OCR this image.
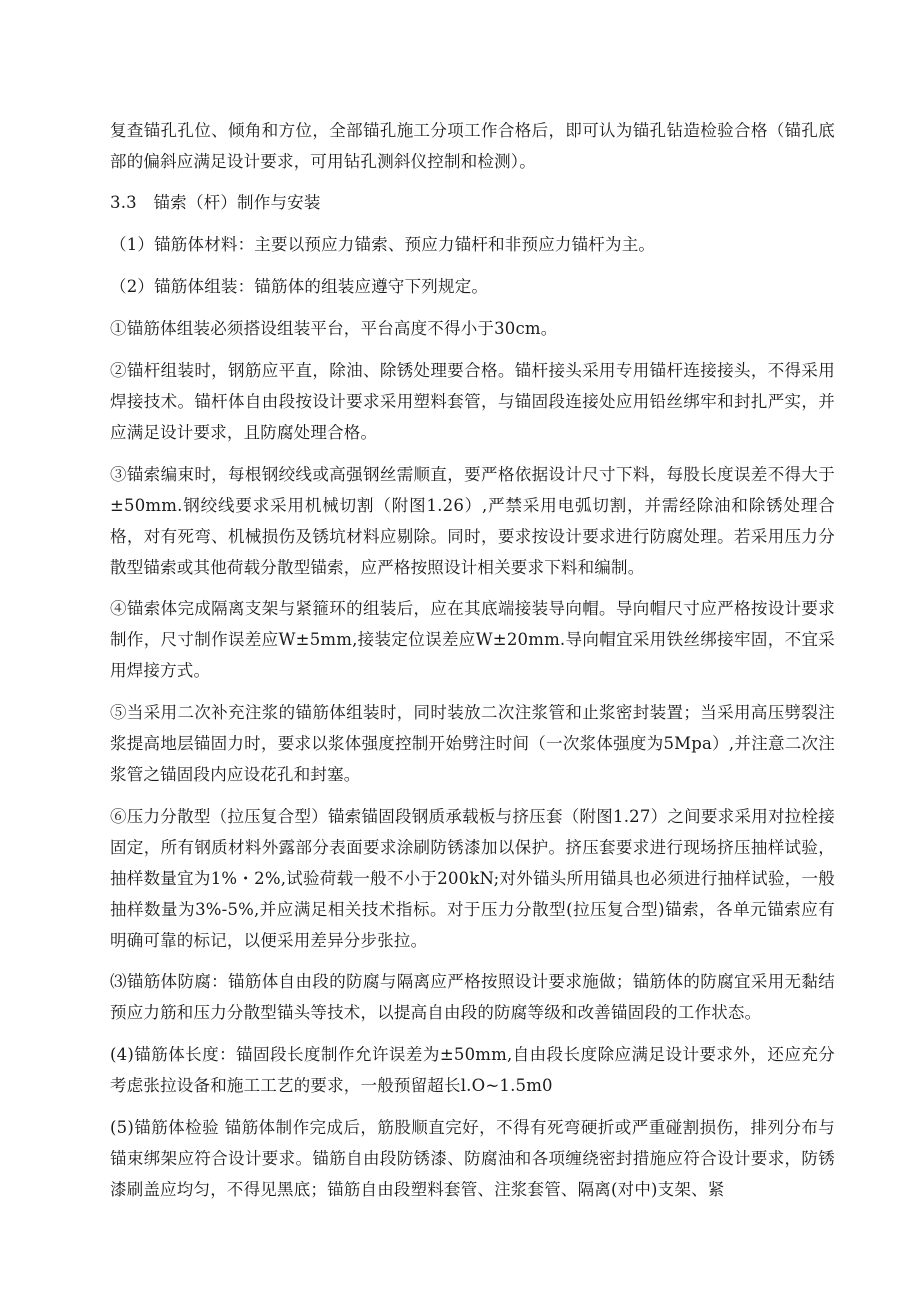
复查锚孔孔位、倾角和方位，全部锚孔施工分项工作合格后，即可认为锚孔钻造检验合格（锚孔底部的偏斜应满足设计要求，可用钻孔测斜仪控制和检测）。

3.3　锚索（杆）制作与安装

（1）锚筋体材料：主要以预应力锚索、预应力锚杆和非预应力锚杆为主。

（2）锚筋体组装：锚筋体的组装应遵守下列规定。

①锚筋体组装必须搭设组装平台，平台高度不得小于30cm。

②锚杆组装时，钢筋应平直，除油、除锈处理要合格。锚杆接头采用专用锚杆连接接头，不得采用焊接技术。锚杆体自由段按设计要求采用塑料套管，与锚固段连接处应用铅丝绑牢和封扎严实，并应满足设计要求，且防腐处理合格。

③锚索编束时，每根钢绞线或高强钢丝需顺直，要严格依据设计尺寸下料，每股长度误差不得大于±50mm.钢绞线要求采用机械切割（附图1.26）,严禁采用电弧切割，并需经除油和除锈处理合格，对有死弯、机械损伤及锈坑材料应剔除。同时，要求按设计要求进行防腐处理。若采用压力分散型锚索或其他荷载分散型锚索，应严格按照设计相关要求下料和编制。

④锚索体完成隔离支架与紧箍环的组装后，应在其底端接装导向帽。导向帽尺寸应严格按设计要求制作，尺寸制作误差应W±5mm,接装定位误差应W±20mm.导向帽宜采用铁丝绑接牢固，不宜采用焊接方式。

⑤当采用二次补充注浆的锚筋体组装时，同时装放二次注浆管和止浆密封装置；当采用高压劈裂注浆提高地层锚固力时，要求以浆体强度控制开始劈注时间（一次浆体强度为5Mpa）,并注意二次注浆管之锚固段内应设花孔和封塞。

⑥压力分散型（拉压复合型）锚索锚固段钢质承载板与挤压套（附图1.27）之间要求采用对拉栓接固定，所有钢质材料外露部分表面要求涂刷防锈漆加以保护。挤压套要求进行现场挤压抽样试验，抽样数量宜为1%・2%,试验荷载一般不小于200kN;对外锚头所用锚具也必须进行抽样试验，一般抽样数量为3%-5%,并应满足相关技术指标。对于压力分散型(拉压复合型)锚索，各单元锚索应有明确可靠的标记，以便采用差异分步张拉。

⑶锚筋体防腐：锚筋体自由段的防腐与隔离应严格按照设计要求施做；锚筋体的防腐宜采用无黏结预应力筋和压力分散型锚头等技术，以提高自由段的防腐等级和改善锚固段的工作状态。

(4)锚筋体长度：锚固段长度制作允许误差为±50mm,自由段长度除应满足设计要求外，还应充分考虑张拉设备和施工工艺的要求，一般预留超长l.O~1.5m0

(5)锚筋体检验 锚筋体制作完成后，筋股顺直完好，不得有死弯硬折或严重碰割损伤，排列分布与锚束绑架应符合设计要求。锚筋自由段防锈漆、防腐油和各项缠绕密封措施应符合设计要求，防锈漆刷盖应均匀，不得见黑底；锚筋自由段塑料套管、注浆套管、隔离(对中)支架、紧
